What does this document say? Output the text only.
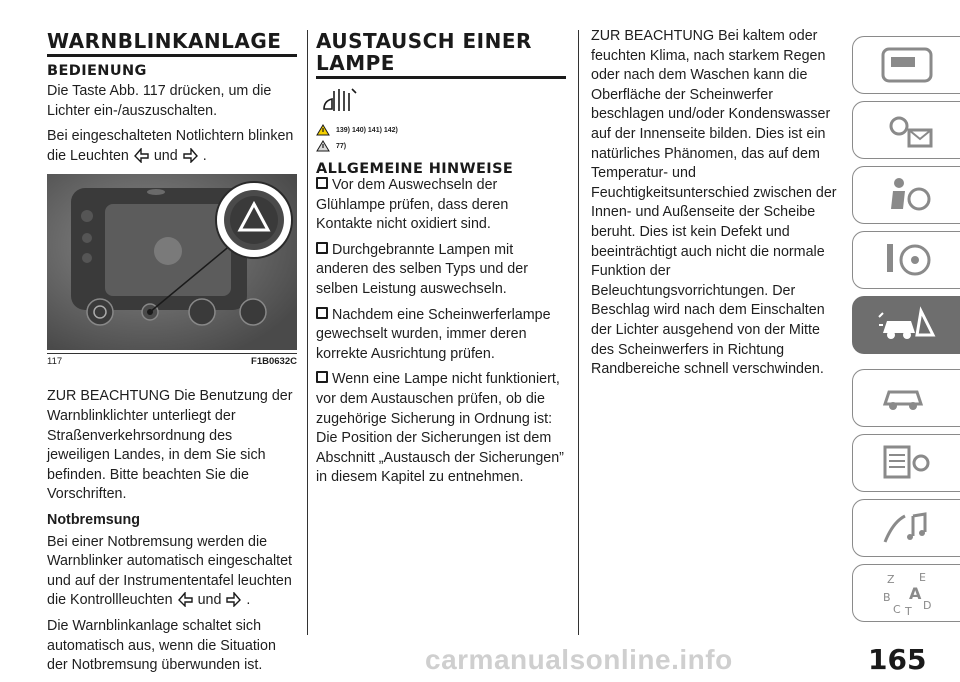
WARNBLINKANLAGE
BEDIENUNG

Die Taste Abb. 117 drücken, um die Lichter ein-/auszuschalten.

Bei eingeschalteten Notlichtern blinken die Leuchten und .

117	F1B0632C

ZUR BEACHTUNG Die Benutzung der Warnblinklichter unterliegt der Straßenverkehrsordnung des jeweiligen Landes, in dem Sie sich befinden. Bitte beachten Sie die Vorschriften.

Notbremsung

Bei einer Notbremsung werden die Warnblinker automatisch eingeschaltet und auf der Instrumententafel leuchten die Kontrollleuchten und .

Die Warnblinkanlage schaltet sich automatisch aus, wenn die Situation der Notbremsung überwunden ist.

AUSTAUSCH EINER LAMPE
139) 140) 141) 142)
77)
ALLGEMEINE HINWEISE

Vor dem Auswechseln der Glühlampe prüfen, dass deren Kontakte nicht oxidiert sind.

Durchgebrannte Lampen mit anderen des selben Typs und der selben Leistung auswechseln.

Nachdem eine Scheinwerferlampe gewechselt wurden, immer deren korrekte Ausrichtung prüfen.

Wenn eine Lampe nicht funktioniert, vor dem Austauschen prüfen, ob die zugehörige Sicherung in Ordnung ist: Die Position der Sicherungen ist dem Abschnitt „Austausch der Sicherungen” in diesem Kapitel zu entnehmen.

ZUR BEACHTUNG Bei kaltem oder feuchten Klima, nach starkem Regen oder nach dem Waschen kann die Oberfläche der Scheinwerfer beschlagen und/oder Kondenswasser auf der Innenseite bilden. Dies ist ein natürliches Phänomen, das auf dem Temperatur- und Feuchtigkeitsunterschied zwischen der Innen- und Außenseite der Scheibe beruht. Dies ist kein Defekt und beeinträchtigt auch nicht die normale Funktion der Beleuchtungsvorrichtungen. Der Beschlag wird nach dem Einschalten der Lichter ausgehend von der Mitte des Scheinwerfers in Richtung Randbereiche schnell verschwinden.

Z E
B A
C T D
165
carmanualsonline.info
